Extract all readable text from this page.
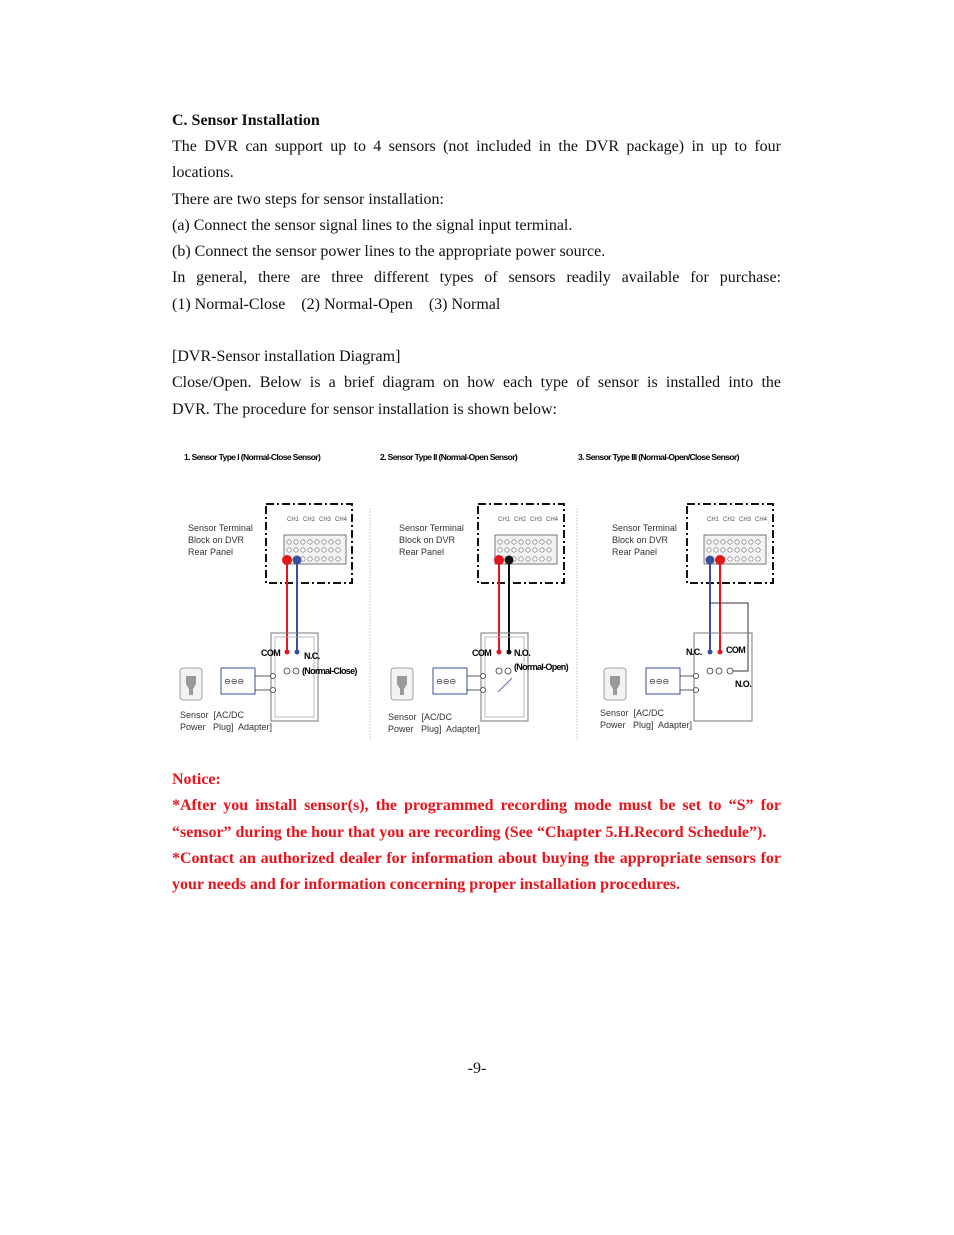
C. Sensor Installation

The DVR can support up to 4 sensors (not included in the DVR package) in up to four

locations.

There are two steps for sensor installation:

(a) Connect the sensor signal lines to the signal input terminal.

(b) Connect the sensor power lines to the appropriate power source.

In general, there are three different types of sensors readily available for purchase:

(1) Normal-Close    (2) Normal-Open    (3) Normal

[DVR-Sensor installation Diagram]

Close/Open. Below is a brief diagram on how each type of sensor is installed into the

DVR. The procedure for sensor installation is shown below:

1. Sensor Type I (Normal-Close Sensor)
Sensor Terminal
Block on DVR
Rear Panel
CH1 CH2 CH3 CH4
COM	N.C.
(Normal-Close)
⊖⊖⊖
Sensor  [AC/DC
Power   Plug]  Adapter]
2. Sensor Type II (Normal-Open Sensor)
Sensor Terminal
Block on DVR
Rear Panel
CH1 CH2 CH3 CH4
COM	N.O.
(Normal-Open)
⊖⊖⊖
Sensor  [AC/DC
Power   Plug]  Adapter]
3. Sensor Type III (Normal-Open/Close Sensor)
Sensor Terminal
Block on DVR
Rear Panel
CH1 CH2 CH3 CH4
N.C.	COM
N.O.
⊖⊖⊖
Sensor  [AC/DC
Power   Plug]  Adapter]
Notice:
*After you install sensor(s), the programmed recording mode must be set to “S” for “sensor” during the hour that you are recording (See “Chapter 5.H.Record Schedule”).
*Contact an authorized dealer for information about buying the appropriate sensors for your needs and for information concerning proper installation procedures.
-9-
